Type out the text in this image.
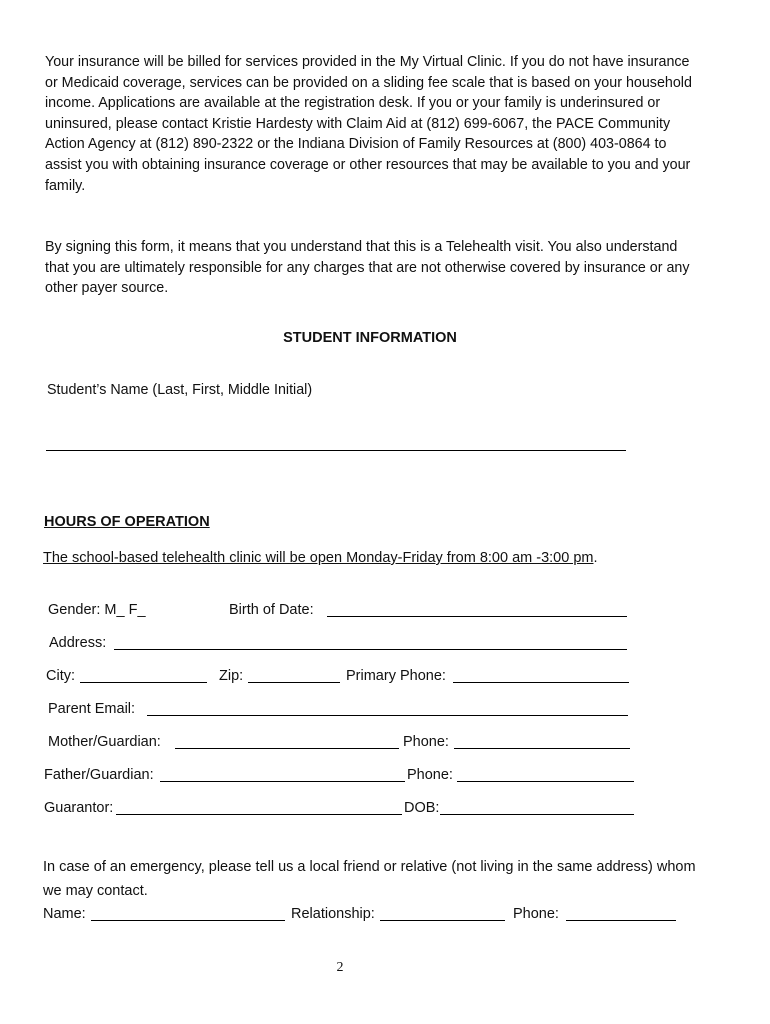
Your insurance will be billed for services provided in the My Virtual Clinic. If you do not have insurance or Medicaid coverage, services can be provided on a sliding fee scale that is based on your household income. Applications are available at the registration desk. If you or your family is underinsured or uninsured, please contact Kristie Hardesty with Claim Aid at (812) 699-6067, the PACE Community Action Agency at (812) 890-2322 or the Indiana Division of Family Resources at (800) 403-0864 to assist you with obtaining insurance coverage or other resources that may be available to you and your family.

By signing this form, it means that you understand that this is a Telehealth visit. You also understand that you are ultimately responsible for any charges that are not otherwise covered by insurance or any other payer source.

STUDENT INFORMATION
Student’s Name (Last, First, Middle Initial)
HOURS OF OPERATION
The school-based telehealth clinic will be open Monday-Friday from 8:00 am -3:00 pm.
Gender: M_ F_	Birth of Date:
Address:
City:	Zip:	Primary Phone:
Parent Email:
Mother/Guardian:	Phone:
Father/Guardian:	Phone:
Guarantor:	DOB:

In case of an emergency, please tell us a local friend or relative (not living in the same address) whom we may contact.

Name:	Relationship:	Phone:
2
